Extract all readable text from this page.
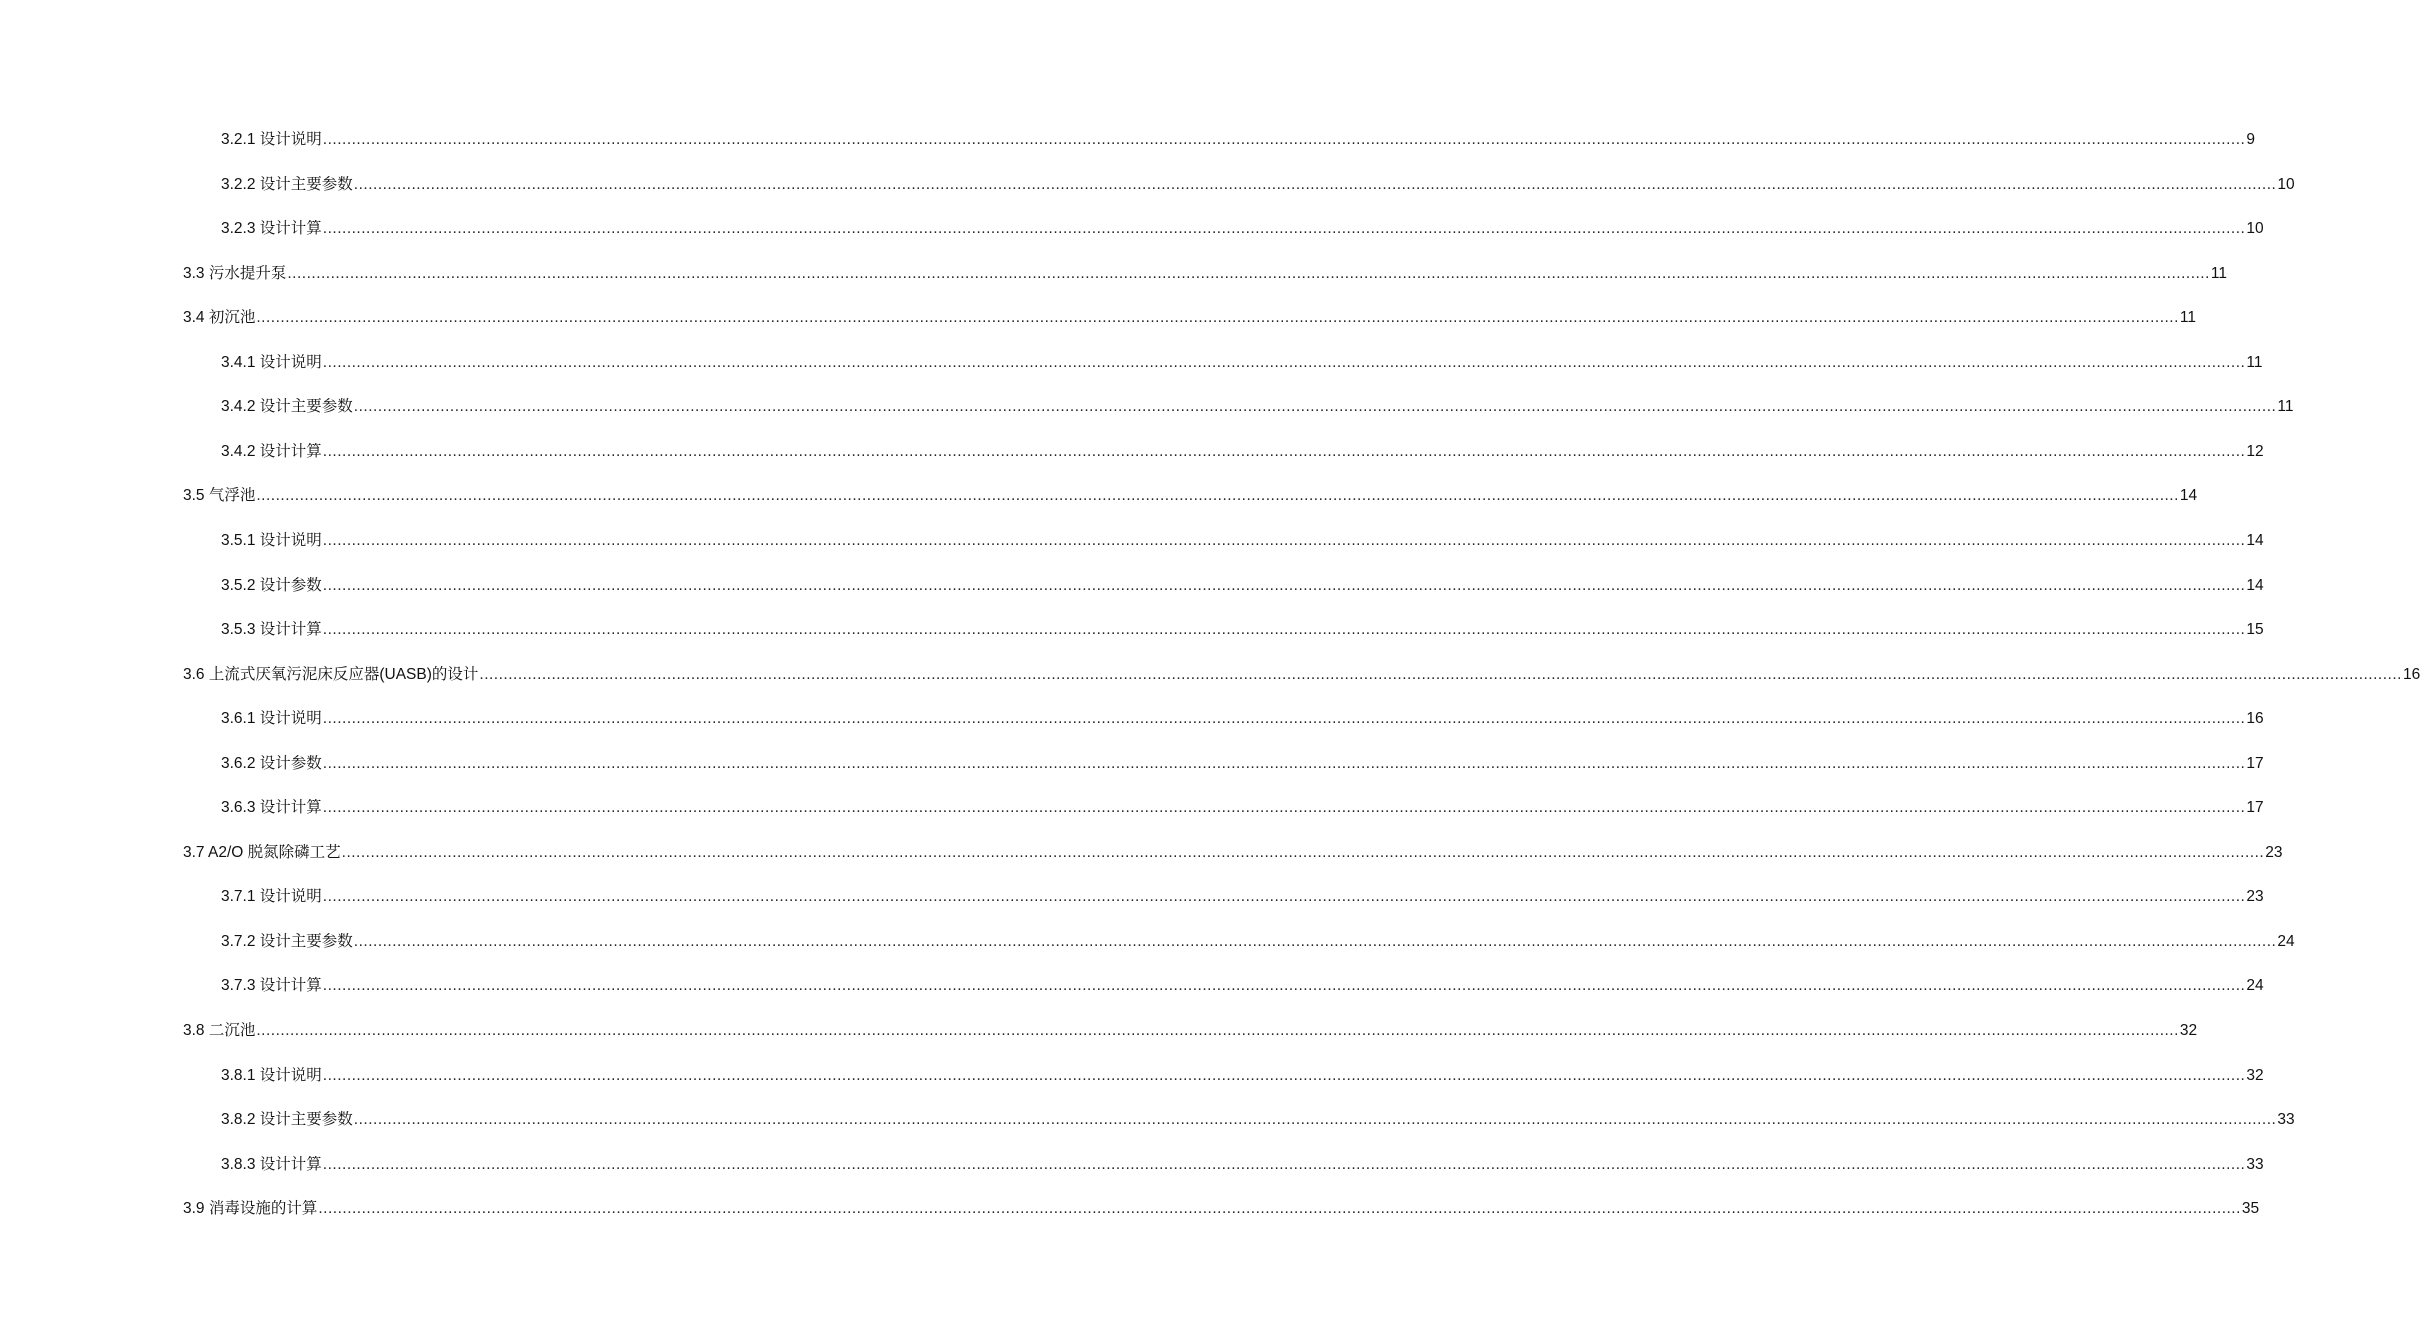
3.2.1 设计说明 ................................................................................................................................................................................................................................................................................................................................................................................................................ 9
3.2.2 设计主要参数 ................................................................................................................................................................................................................................................................................................................................................................................................................ 10
3.2.3 设计计算 ................................................................................................................................................................................................................................................................................................................................................................................................................ 10
3.3 污水提升泵 ................................................................................................................................................................................................................................................................................................................................................................................................................ 11
3.4 初沉池 ................................................................................................................................................................................................................................................................................................................................................................................................................ 11
3.4.1 设计说明 ................................................................................................................................................................................................................................................................................................................................................................................................................ 11
3.4.2 设计主要参数 ................................................................................................................................................................................................................................................................................................................................................................................................................ 11
3.4.2 设计计算 ................................................................................................................................................................................................................................................................................................................................................................................................................ 12
3.5 气浮池 ................................................................................................................................................................................................................................................................................................................................................................................................................ 14
3.5.1 设计说明 ................................................................................................................................................................................................................................................................................................................................................................................................................ 14
3.5.2 设计参数 ................................................................................................................................................................................................................................................................................................................................................................................................................ 14
3.5.3 设计计算 ................................................................................................................................................................................................................................................................................................................................................................................................................ 15
3.6 上流式厌氧污泥床反应器(UASB)的设计 ................................................................................................................................................................................................................................................................................................................................................................................................................ 16
3.6.1 设计说明 ................................................................................................................................................................................................................................................................................................................................................................................................................ 16
3.6.2 设计参数 ................................................................................................................................................................................................................................................................................................................................................................................................................ 17
3.6.3 设计计算 ................................................................................................................................................................................................................................................................................................................................................................................................................ 17
3.7 A2/O 脱氮除磷工艺 ................................................................................................................................................................................................................................................................................................................................................................................................................ 23
3.7.1 设计说明 ................................................................................................................................................................................................................................................................................................................................................................................................................ 23
3.7.2 设计主要参数 ................................................................................................................................................................................................................................................................................................................................................................................................................ 24
3.7.3 设计计算 ................................................................................................................................................................................................................................................................................................................................................................................................................ 24
3.8 二沉池 ................................................................................................................................................................................................................................................................................................................................................................................................................ 32
3.8.1 设计说明 ................................................................................................................................................................................................................................................................................................................................................................................................................ 32
3.8.2 设计主要参数 ................................................................................................................................................................................................................................................................................................................................................................................................................ 33
3.8.3 设计计算 ................................................................................................................................................................................................................................................................................................................................................................................................................ 33
3.9 消毒设施的计算 ................................................................................................................................................................................................................................................................................................................................................................................................................ 35
